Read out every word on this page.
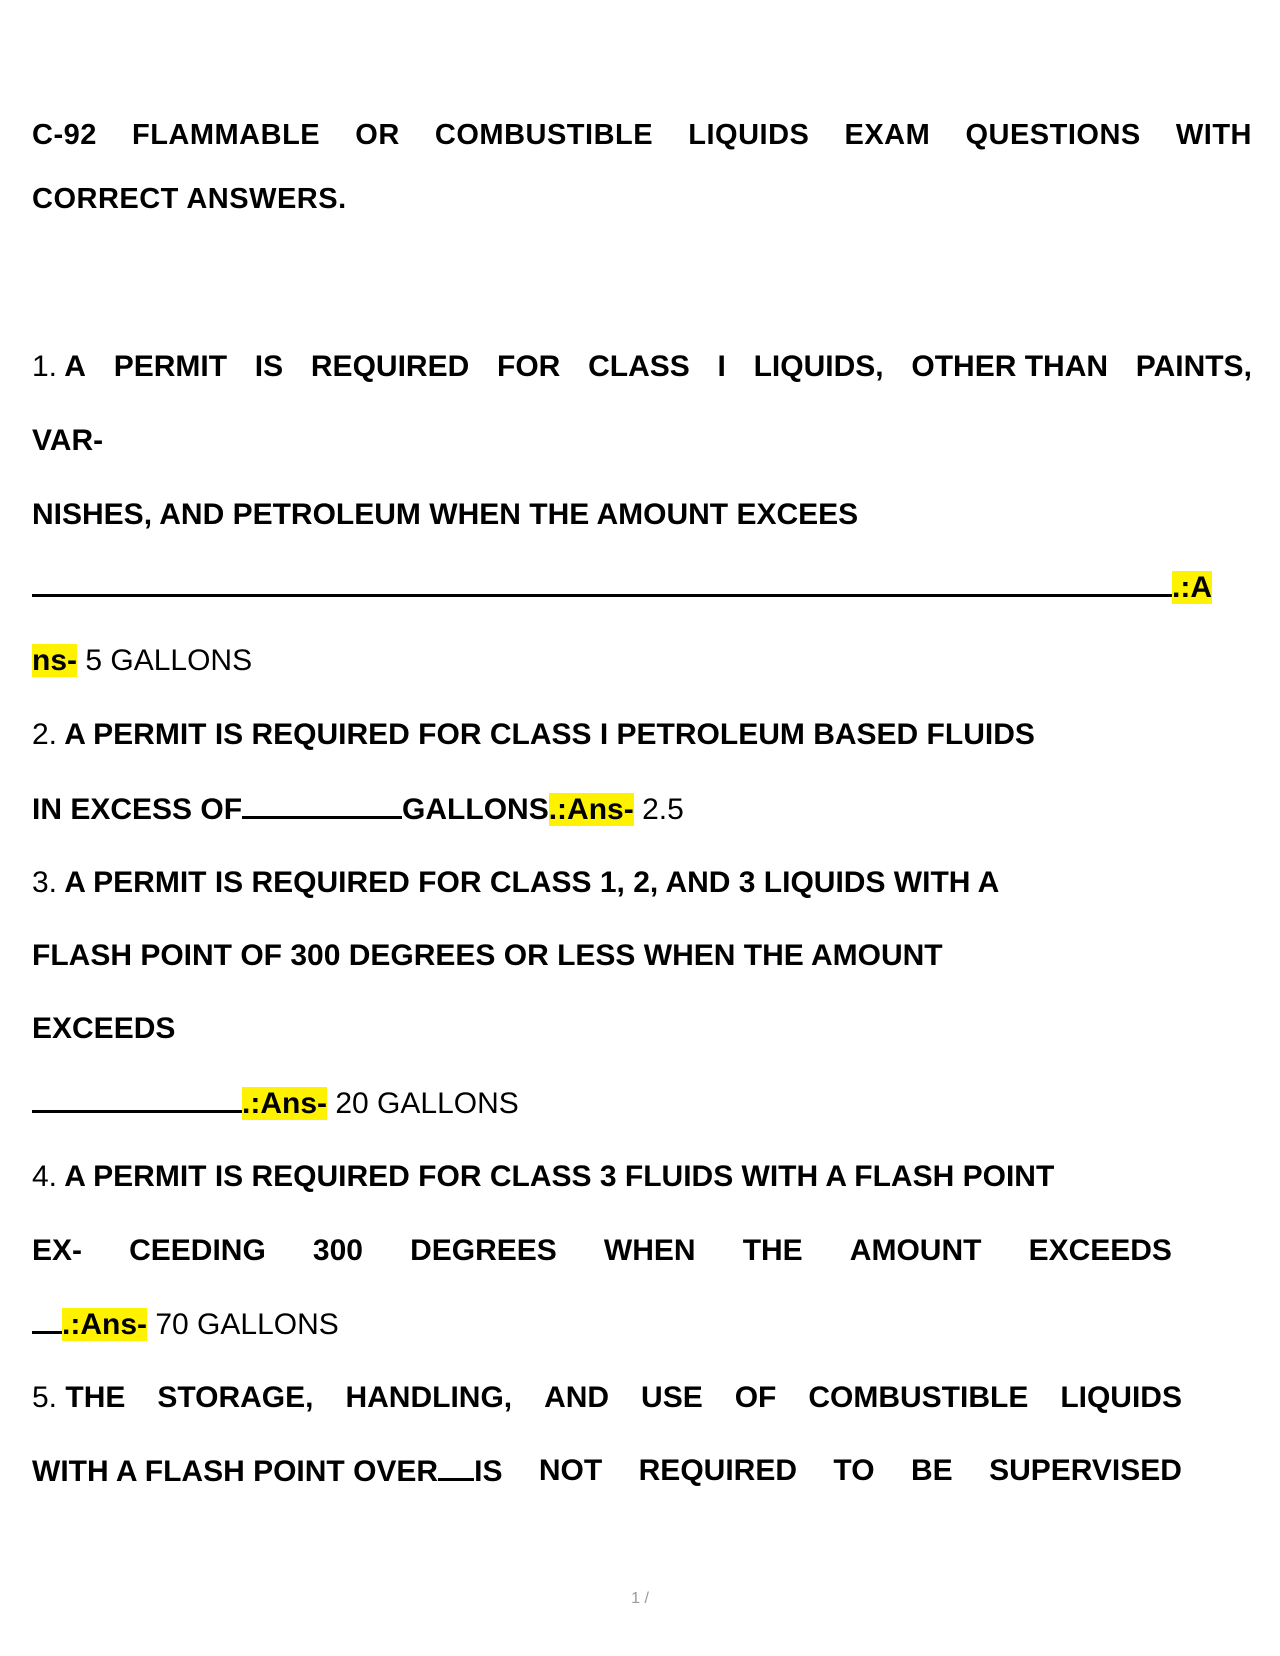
C-92 FLAMMABLE OR COMBUSTIBLE LIQUIDS EXAM QUESTIONS WITH
CORRECT ANSWERS.
1. A PERMIT IS REQUIRED FOR CLASS I LIQUIDS, OTHER THAN PAINTS,
VAR-
NISHES, AND PETROLEUM WHEN THE AMOUNT EXCEES
.:A
ns- 5 GALLONS
2. A PERMIT IS REQUIRED FOR CLASS I PETROLEUM BASED FLUIDS
IN EXCESS OF	GALLONS.:Ans- 2.5
3. A PERMIT IS REQUIRED FOR CLASS 1, 2, AND 3 LIQUIDS WITH A
FLASH POINT OF 300 DEGREES OR LESS WHEN THE AMOUNT
EXCEEDS
.:Ans- 20 GALLONS
4. A PERMIT IS REQUIRED FOR CLASS 3 FLUIDS WITH A FLASH POINT
EX- CEEDING 300 DEGREES WHEN THE AMOUNT EXCEEDS
.:Ans- 70 GALLONS
5. THE STORAGE, HANDLING, AND USE OF COMBUSTIBLE LIQUIDS
WITH A FLASH POINT OVER IS NOT REQUIRED TO BE SUPERVISED
1 /
